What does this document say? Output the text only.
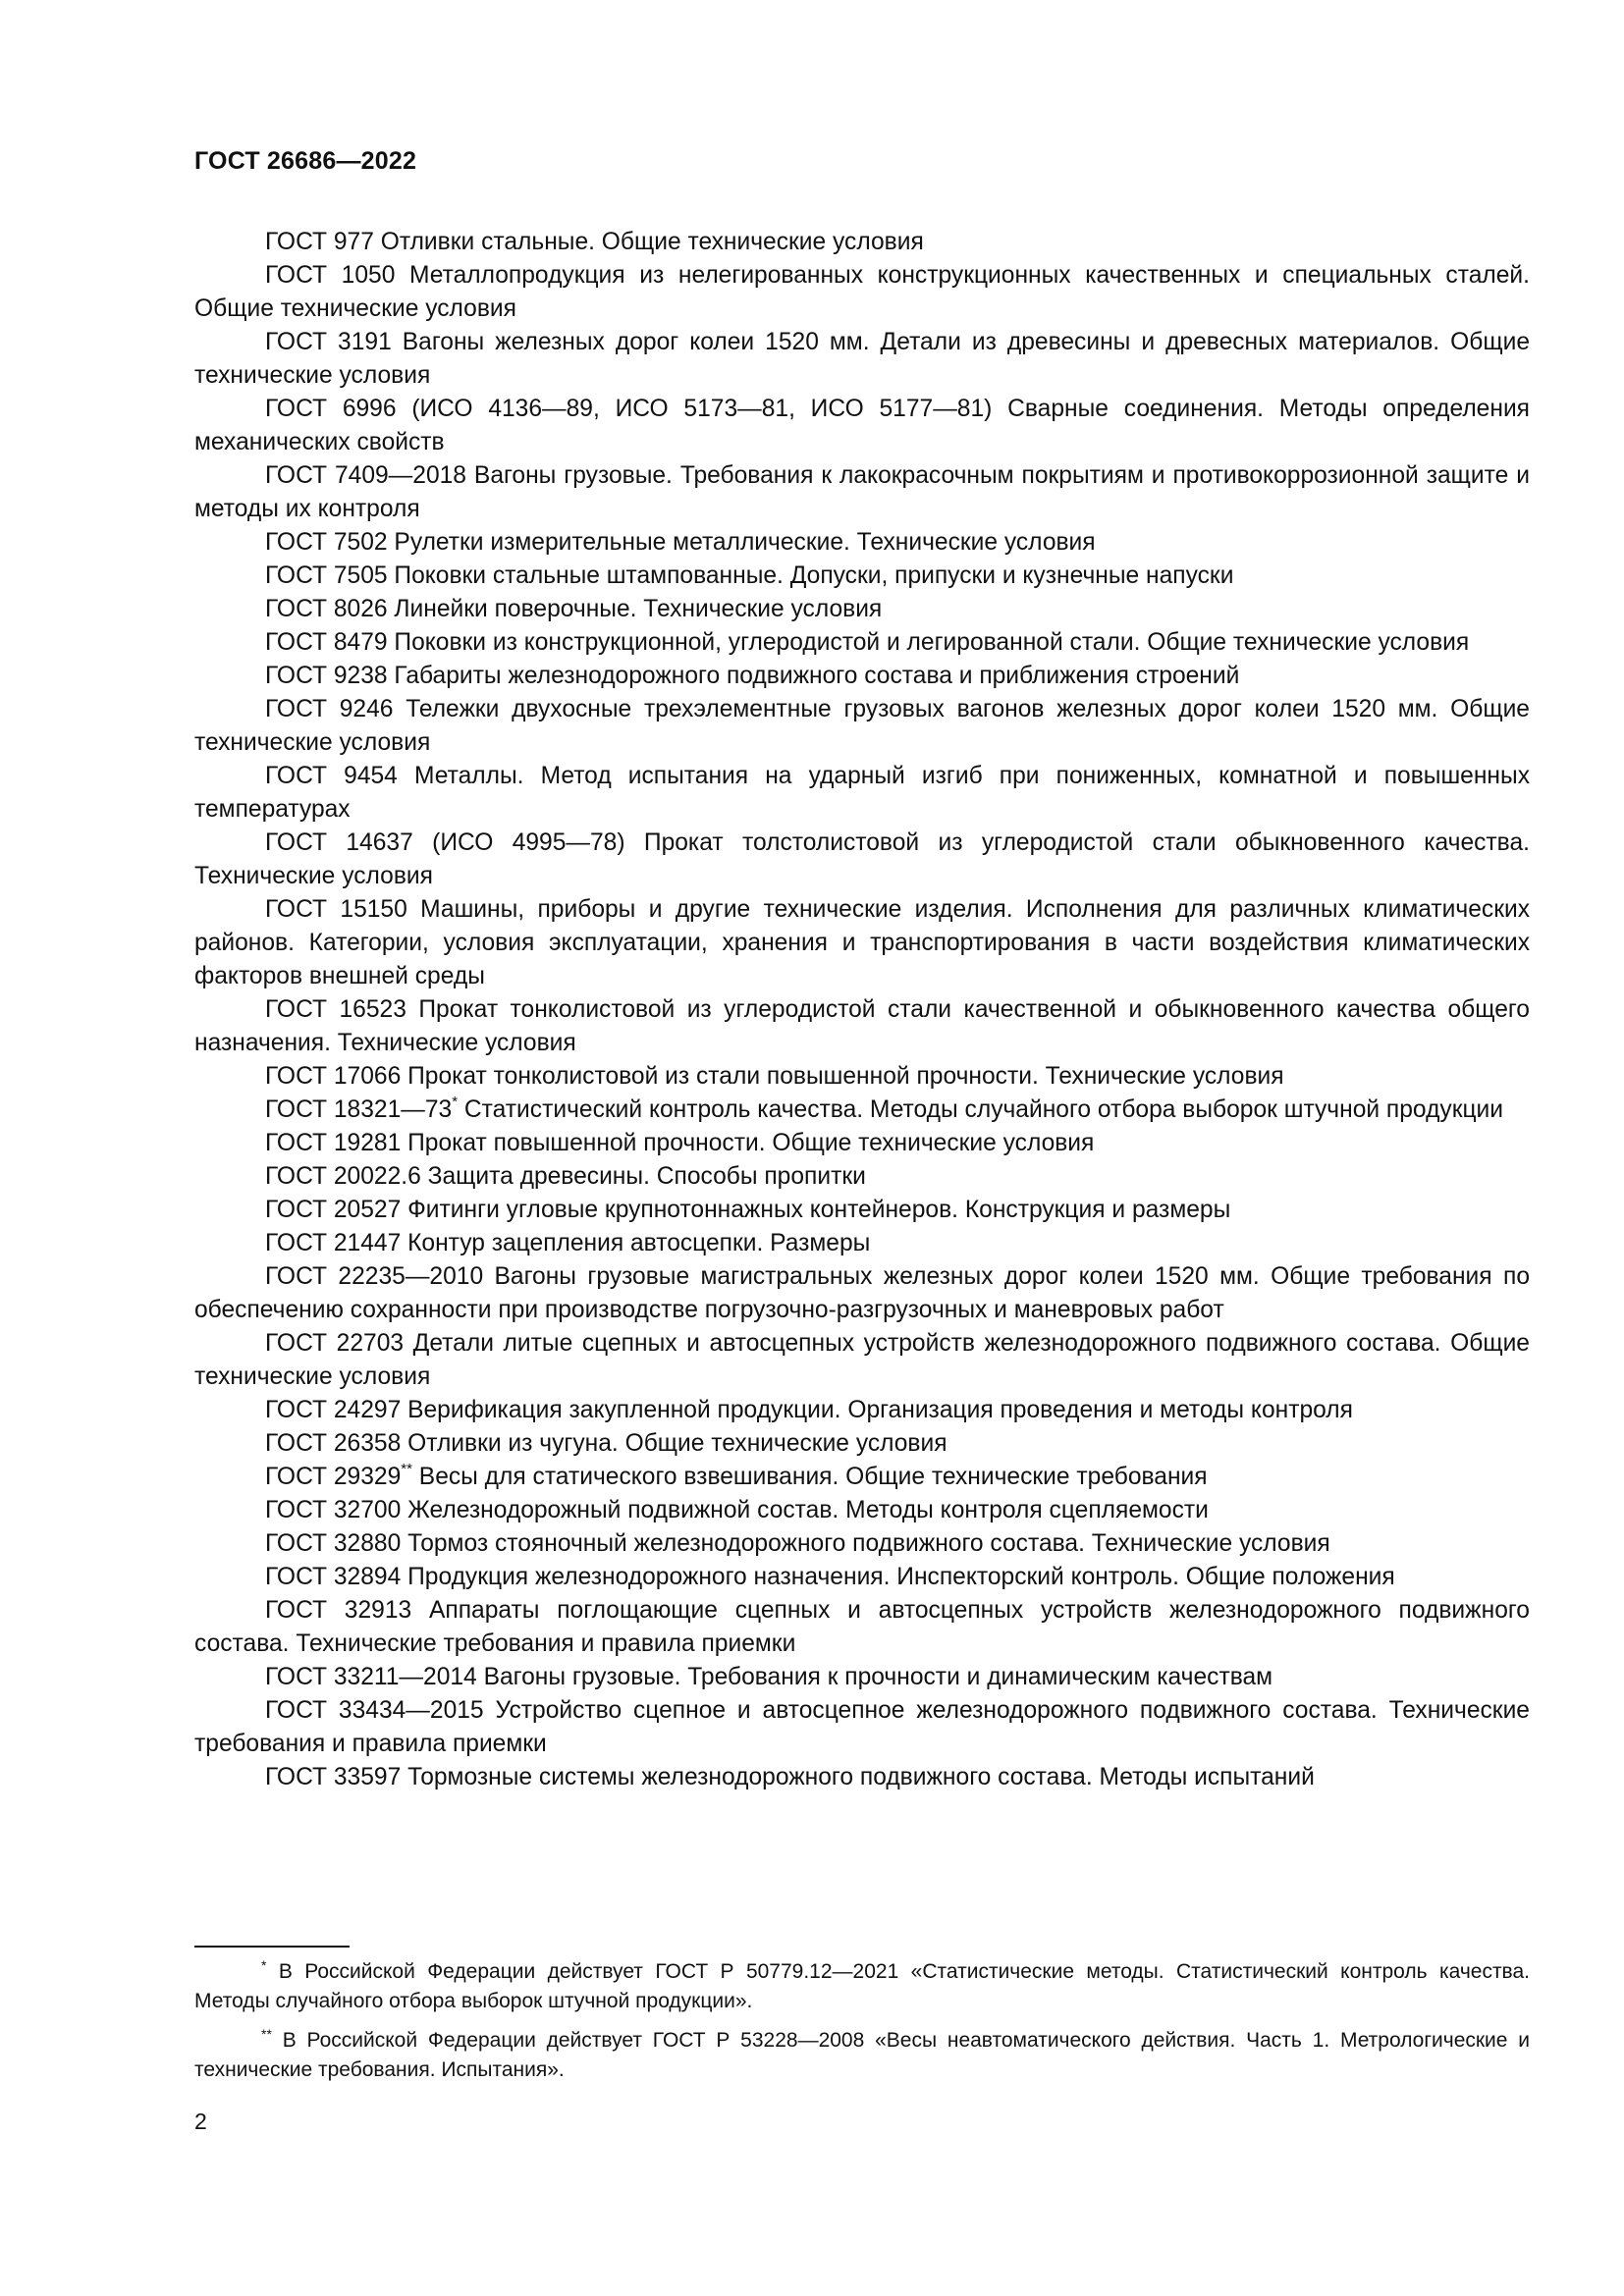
ГОСТ 26686—2022

ГОСТ 977 Отливки стальные. Общие технические условия

ГОСТ 1050 Металлопродукция из нелегированных конструкционных качественных и специальных сталей. Общие технические условия

ГОСТ 3191 Вагоны железных дорог колеи 1520 мм. Детали из древесины и древесных материалов. Общие технические условия

ГОСТ 6996 (ИСО 4136—89, ИСО 5173—81, ИСО 5177—81) Сварные соединения. Методы определения механических свойств

ГОСТ 7409—2018 Вагоны грузовые. Требования к лакокрасочным покрытиям и противокоррозионной защите и методы их контроля

ГОСТ 7502 Рулетки измерительные металлические. Технические условия

ГОСТ 7505 Поковки стальные штампованные. Допуски, припуски и кузнечные напуски

ГОСТ 8026 Линейки поверочные. Технические условия

ГОСТ 8479 Поковки из конструкционной, углеродистой и легированной стали. Общие технические условия

ГОСТ 9238 Габариты железнодорожного подвижного состава и приближения строений

ГОСТ 9246 Тележки двухосные трехэлементные грузовых вагонов железных дорог колеи 1520 мм. Общие технические условия

ГОСТ 9454 Металлы. Метод испытания на ударный изгиб при пониженных, комнатной и повышенных температурах

ГОСТ 14637 (ИСО 4995—78) Прокат толстолистовой из углеродистой стали обыкновенного качества. Технические условия

ГОСТ 15150 Машины, приборы и другие технические изделия. Исполнения для различных климатических районов. Категории, условия эксплуатации, хранения и транспортирования в части воздействия климатических факторов внешней среды

ГОСТ 16523 Прокат тонколистовой из углеродистой стали качественной и обыкновенного качества общего назначения. Технические условия

ГОСТ 17066 Прокат тонколистовой из стали повышенной прочности. Технические условия

ГОСТ 18321—73* Статистический контроль качества. Методы случайного отбора выборок штучной продукции

ГОСТ 19281 Прокат повышенной прочности. Общие технические условия

ГОСТ 20022.6 Защита древесины. Способы пропитки

ГОСТ 20527 Фитинги угловые крупнотоннажных контейнеров. Конструкция и размеры

ГОСТ 21447 Контур зацепления автосцепки. Размеры

ГОСТ 22235—2010 Вагоны грузовые магистральных железных дорог колеи 1520 мм. Общие требования по обеспечению сохранности при производстве погрузочно-разгрузочных и маневровых работ

ГОСТ 22703 Детали литые сцепных и автосцепных устройств железнодорожного подвижного состава. Общие технические условия

ГОСТ 24297 Верификация закупленной продукции. Организация проведения и методы контроля

ГОСТ 26358 Отливки из чугуна. Общие технические условия

ГОСТ 29329** Весы для статического взвешивания. Общие технические требования

ГОСТ 32700 Железнодорожный подвижной состав. Методы контроля сцепляемости

ГОСТ 32880 Тормоз стояночный железнодорожного подвижного состава. Технические условия

ГОСТ 32894 Продукция железнодорожного назначения. Инспекторский контроль. Общие положения

ГОСТ 32913 Аппараты поглощающие сцепных и автосцепных устройств железнодорожного подвижного состава. Технические требования и правила приемки

ГОСТ 33211—2014 Вагоны грузовые. Требования к прочности и динамическим качествам

ГОСТ 33434—2015 Устройство сцепное и автосцепное железнодорожного подвижного состава. Технические требования и правила приемки

ГОСТ 33597 Тормозные системы железнодорожного подвижного состава. Методы испытаний

* В Российской Федерации действует ГОСТ Р 50779.12—2021 «Статистические методы. Статистический контроль качества. Методы случайного отбора выборок штучной продукции».

** В Российской Федерации действует ГОСТ Р 53228—2008 «Весы неавтоматического действия. Часть 1. Метрологические и технические требования. Испытания».

2
